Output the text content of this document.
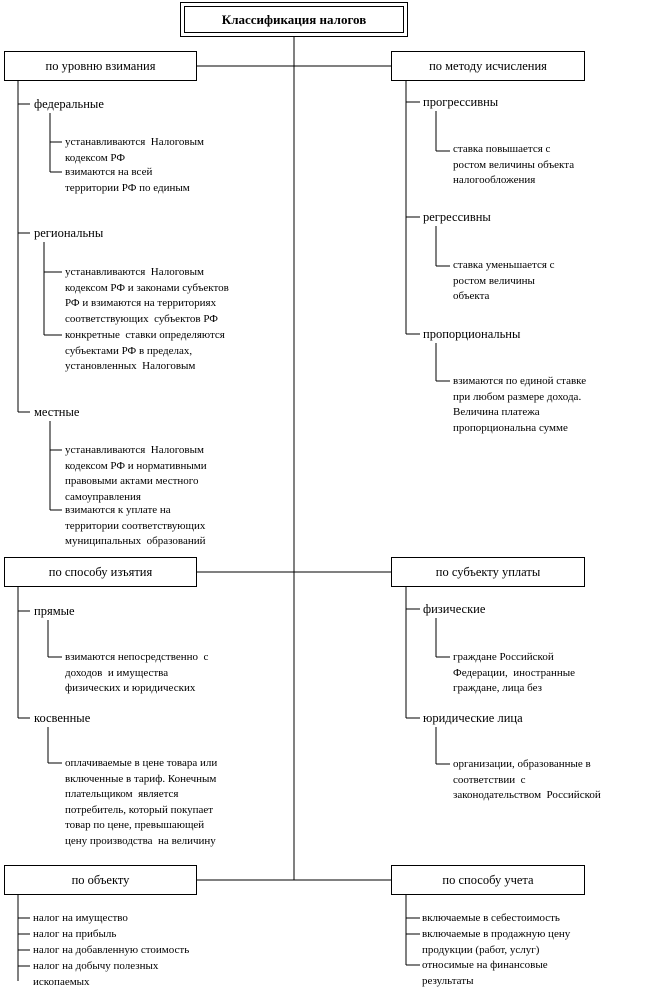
Классификация налогов
по уровню взимания	по методу исчисления
по способу изъятия	по субъекту уплаты
по объекту	по способу учета
федеральные
устанавливаются  Налоговым
кодексом РФ
взимаются на всей
территории РФ по единым
региональны
устанавливаются  Налоговым
кодексом РФ и законами субъектов
РФ и взимаются на территориях
соответствующих  субъектов РФ
конкретные  ставки определяются
субъектами РФ в пределах,
установленных  Налоговым
местные
устанавливаются  Налоговым
кодексом РФ и нормативными
правовыми актами местного
самоуправления
взимаются к уплате на
территории соответствующих
муниципальных  образований
прогрессивны
ставка повышается с
ростом величины объекта
налогообложения
регрессивны
ставка уменьшается с
ростом величины
объекта
пропорциональны
взимаются по единой ставке
при любом размере дохода.
Величина платежа
пропорциональна сумме
прямые
взимаются непосредственно  с
доходов  и имущества
физических и юридических
косвенные
оплачиваемые в цене товара или
включенные в тариф. Конечным
плательщиком  является
потребитель, который покупает
товар по цене, превышающей
цену производства  на величину
физические
граждане Российской
Федерации,  иностранные
граждане, лица без
юридические лица
организации, образованные в
соответствии  с
законодательством  Российской
налог на имущество
налог на прибыль
налог на добавленную стоимость
налог на добычу полезных
ископаемых
включаемые в себестоимость
включаемые в продажную цену
продукции (работ, услуг)
относимые на финансовые
результаты
